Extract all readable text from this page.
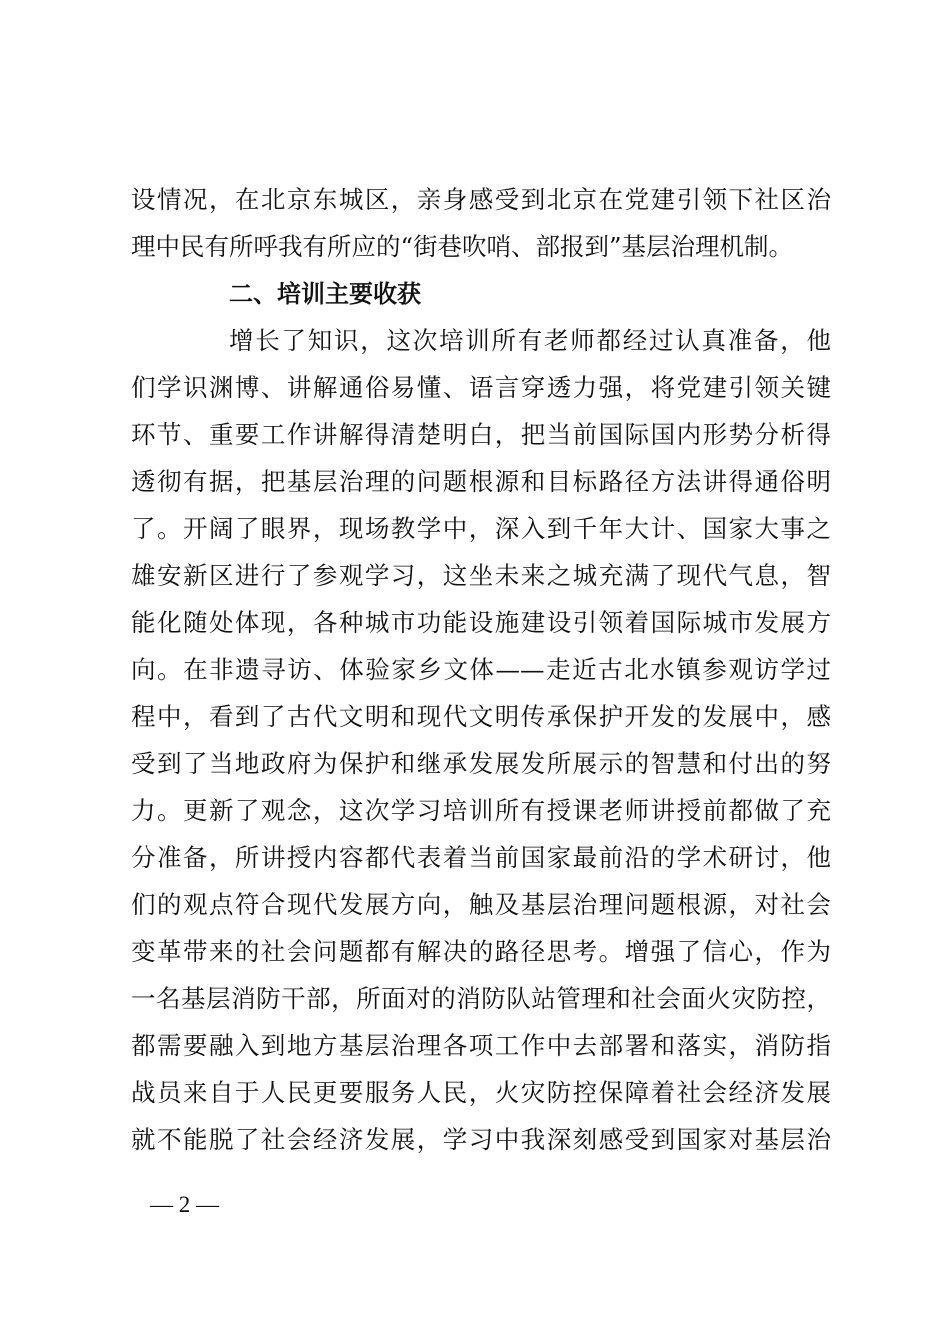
设情况，在北京东城区，亲身感受到北京在党建引领下社区治
理中民有所呼我有所应的“街巷吹哨、部报到”基层治理机制。
二、培训主要收获
增长了知识，这次培训所有老师都经过认真准备，他
们学识渊博、讲解通俗易懂、语言穿透力强，将党建引领关键
环节、重要工作讲解得清楚明白，把当前国际国内形势分析得
透彻有据，把基层治理的问题根源和目标路径方法讲得通俗明
了。开阔了眼界，现场教学中，深入到千年大计、国家大事之
雄安新区进行了参观学习，这坐未来之城充满了现代气息，智
能化随处体现，各种城市功能设施建设引领着国际城市发展方
向。在非遗寻访、体验家乡文体——走近古北水镇参观访学过
程中，看到了古代文明和现代文明传承保护开发的发展中，感
受到了当地政府为保护和继承发展发所展示的智慧和付出的努
力。更新了观念，这次学习培训所有授课老师讲授前都做了充
分准备，所讲授内容都代表着当前国家最前沿的学术研讨，他
们的观点符合现代发展方向，触及基层治理问题根源，对社会
变革带来的社会问题都有解决的路径思考。增强了信心，作为
一名基层消防干部，所面对的消防队站管理和社会面火灾防控，
都需要融入到地方基层治理各项工作中去部署和落实，消防指
战员来自于人民更要服务人民，火灾防控保障着社会经济发展
就不能脱了社会经济发展，学习中我深刻感受到国家对基层治
— 2 —
